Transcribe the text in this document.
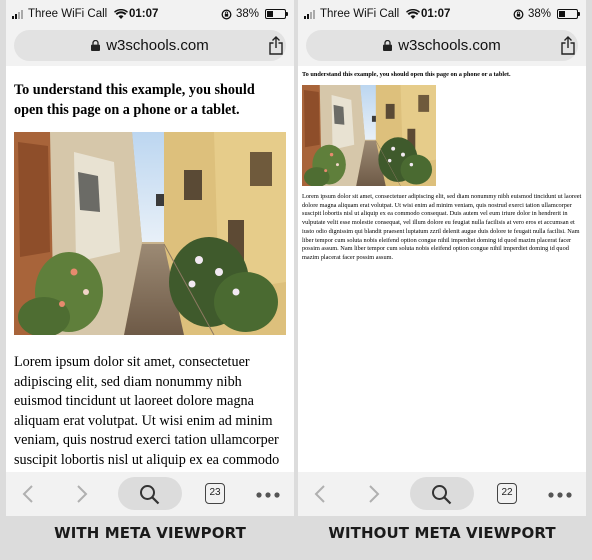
Three WiFi Call 01:07	38%
w3schools.com

To understand this example, you should open this page on a phone or a tablet.

Lorem ipsum dolor sit amet, consectetuer adipiscing elit, sed diam nonummy nibh euismod tincidunt ut laoreet dolore magna aliquam erat volutpat. Ut wisi enim ad minim veniam, quis nostrud exerci tation ullamcorper suscipit lobortis nisl ut aliquip ex ea commodo

23
Three WiFi Call 01:07	38%
w3schools.com

To understand this example, you should open this page on a phone or a tablet.

Lorem ipsum dolor sit amet, consectetuer adipiscing elit, sed diam nonummy nibh euismod tincidunt ut laoreet dolore magna aliquam erat volutpat. Ut wisi enim ad minim veniam, quis nostrud exerci tation ullamcorper suscipit lobortis nisl ut aliquip ex ea commodo consequat. Duis autem vel eum iriure dolor in hendrerit in vulputate velit esse molestie consequat, vel illum dolore eu feugiat nulla facilisis at vero eros et accumsan et iusto odio dignissim qui blandit praesent luptatum zzril delenit augue duis dolore te feugait nulla facilisi. Nam liber tempor cum soluta nobis eleifend option congue nihil imperdiet doming id quod mazim placerat facer possim assum. Nam liber tempor cum soluta nobis eleifend option congue nihil imperdiet doming id quod mazim placerat facer possim assum.

22
WITH META VIEWPORT	WITHOUT META VIEWPORT
